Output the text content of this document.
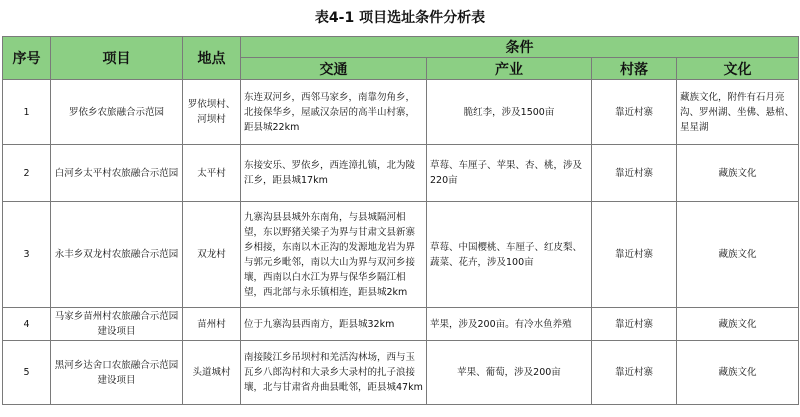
表4-1 项目选址条件分析表
序号	项目	地点	条件			
			交通	产业	村落	文化
1	罗依乡农旅融合示范园	罗依坝村、河坝村	东连双河乡，西邻马家乡，南靠勿角乡，北接保华乡，屋戚汉杂居的高半山村寨，距县城22km	脆红李，涉及1500亩	靠近村寨	藏族文化，附件有石月亮沟、罗州湖、坐佛、悬棺、星星湖
2	白河乡太平村农旅融合示范园	太平村	东接安乐、罗依乡，西连漳扎镇，北为陵江乡，距县城17km	草莓、车厘子、苹果、杏、桃，涉及220亩	靠近村寨	藏族文化
3	永丰乡双龙村农旅融合示范园	双龙村	九寨沟县县城外东南角，与县城隔河相望，东以野猪关梁子为界与甘肃文县新寨乡相接，东南以木正沟的发源地龙岩为界与郭元乡毗邻，南以大山为界与双河乡接壤，西南以白水江为界与保华乡隔江相望，西北部与永乐镇相连，距县城2km	草莓、中国樱桃、车厘子、红皮梨、蔬菜、花卉，涉及100亩	靠近村寨	藏族文化
4	马家乡苗州村农旅融合示范园建设项目	苗州村	位于九寨沟县西南方，距县城32km	苹果，涉及200亩。有冷水鱼养殖	靠近村寨	藏族文化
5	黑河乡达舍口农旅融合示范园建设项目	头道城村	南接陵江乡吊坝村和羌活沟林场，西与玉瓦乡八郎沟村和大录乡大录村的扎子浪接壤，北与甘肃省舟曲县毗邻，距县城47km	苹果、葡萄，涉及200亩	靠近村寨	藏族文化
